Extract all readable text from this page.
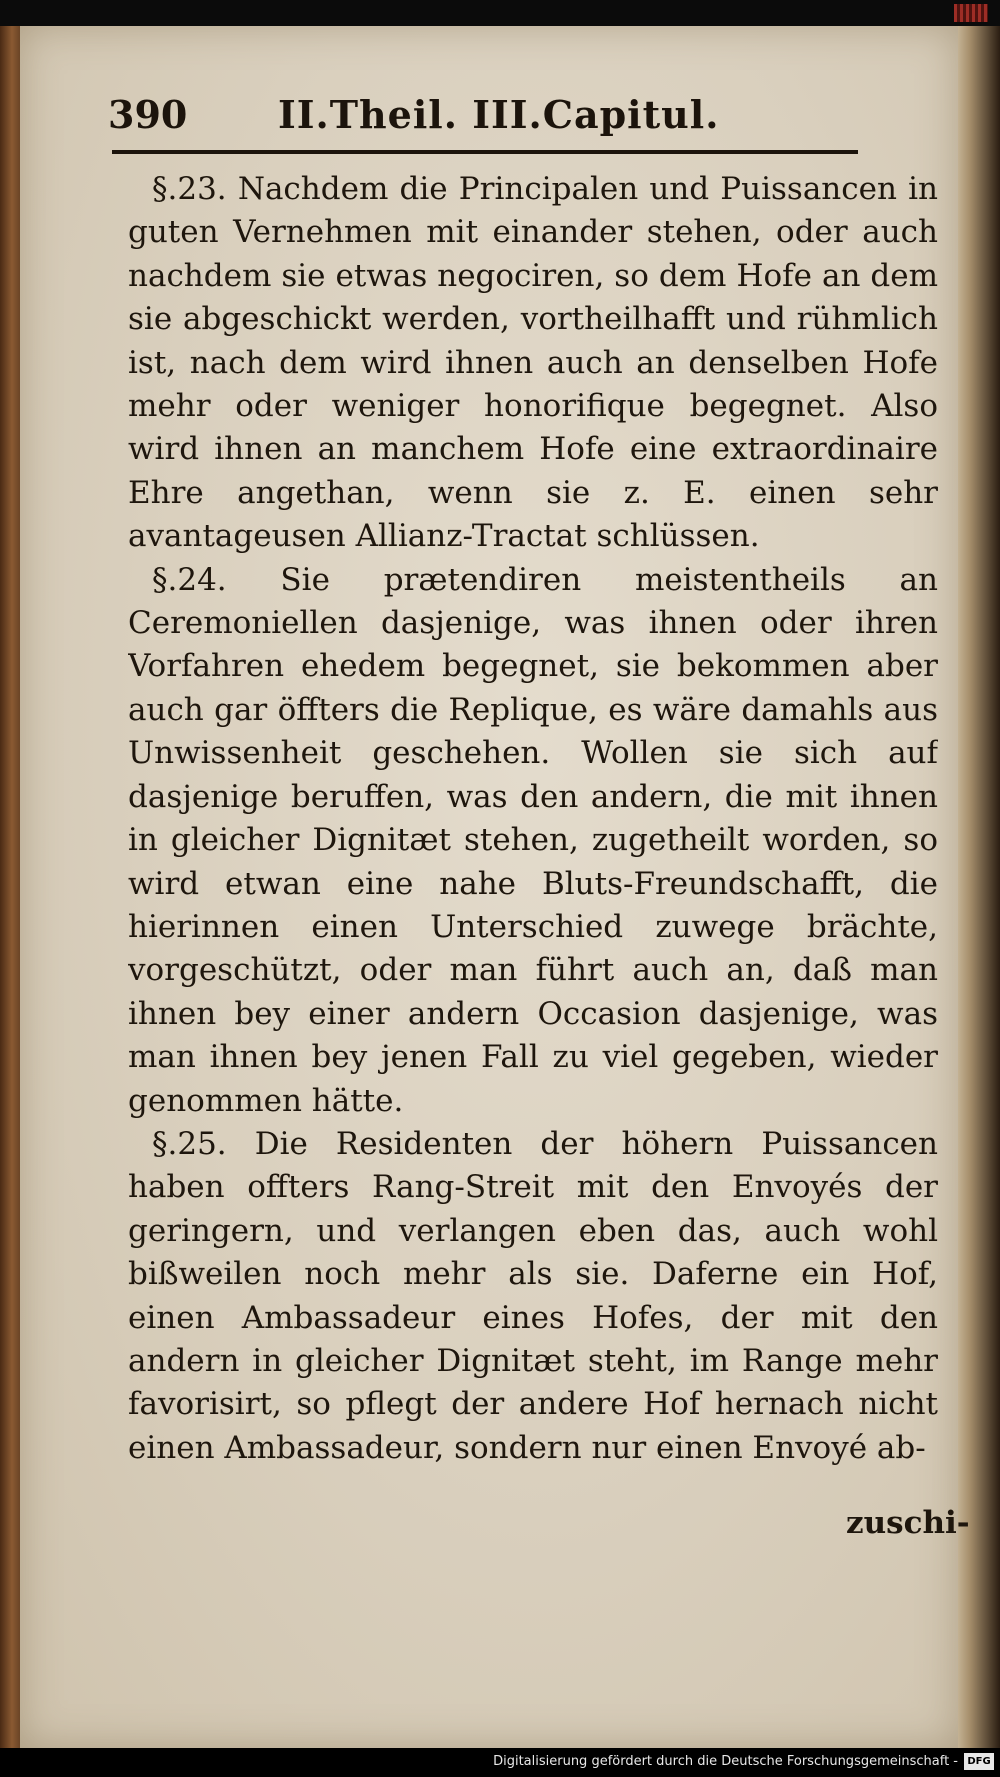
390 II.Theil. III.Capitul.

§.23. Nachdem die Principalen und Puissancen in guten Vernehmen mit einander stehen, oder auch nachdem sie etwas negociren, so dem Hofe an dem sie abgeschickt werden, vortheilhafft und rühmlich ist, nach dem wird ihnen auch an denselben Hofe mehr oder weniger honorifique begegnet. Also wird ihnen an manchem Hofe eine extraordinaire Ehre angethan, wenn sie z. E. einen sehr avantageusen Allianz-Tractat schlüssen.

§.24. Sie prætendiren meistentheils an Ceremoniellen dasjenige, was ihnen oder ihren Vorfahren ehedem begegnet, sie bekommen aber auch gar öffters die Replique, es wäre damahls aus Unwissenheit geschehen. Wollen sie sich auf dasjenige beruffen, was den andern, die mit ihnen in gleicher Dignitæt stehen, zugetheilt worden, so wird etwan eine nahe Bluts-Freundschafft, die hierinnen einen Unterschied zuwege brächte, vorgeschützt, oder man führt auch an, daß man ihnen bey einer andern Occasion dasjenige, was man ihnen bey jenen Fall zu viel gegeben, wieder genommen hätte.

§.25. Die Residenten der höhern Puissancen haben offters Rang-Streit mit den Envoyés der geringern, und verlangen eben das, auch wohl bißweilen noch mehr als sie. Daferne ein Hof, einen Ambassadeur eines Hofes, der mit den andern in gleicher Dignitæt steht, im Range mehr favorisirt, so pflegt der andere Hof hernach nicht einen Ambassadeur, sondern nur einen Envoyé ab-

zuschi-
Digitalisierung gefördert durch die Deutsche Forschungsgemeinschaft - DFG
